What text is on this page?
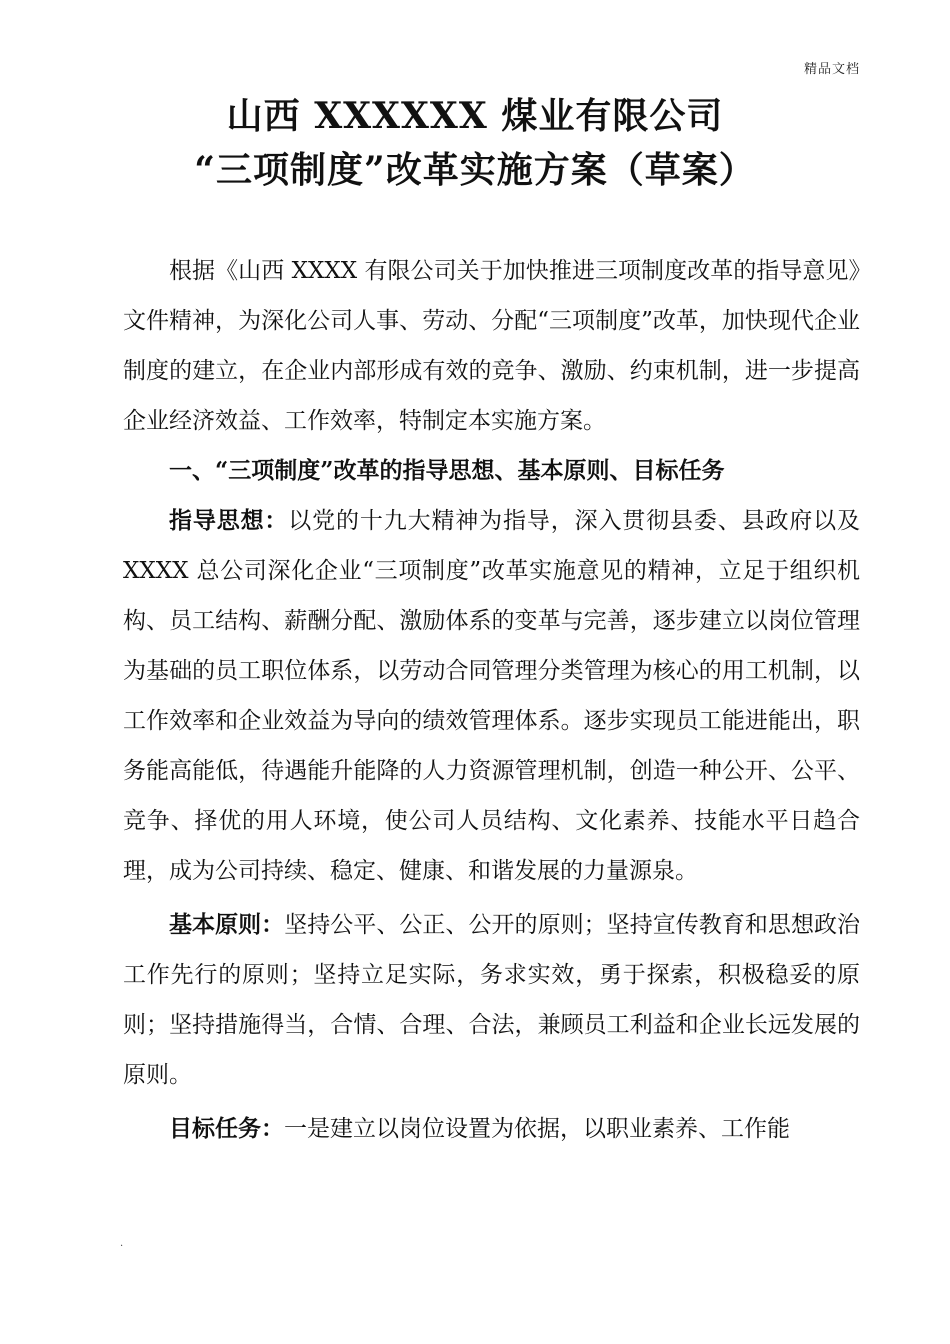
精品文档
山西 XXXXXX 煤业有限公司
“三项制度”改革实施方案（草案）

根据《山西 XXXX 有限公司关于加快推进三项制度改革的指导意见》文件精神，为深化公司人事、劳动、分配“三项制度”改革，加快现代企业制度的建立，在企业内部形成有效的竞争、激励、约束机制，进一步提高企业经济效益、工作效率，特制定本实施方案。

一、“三项制度”改革的指导思想、基本原则、目标任务

指导思想：以党的十九大精神为指导，深入贯彻县委、县政府以及 XXXX 总公司深化企业“三项制度”改革实施意见的精神，立足于组织机构、员工结构、薪酬分配、激励体系的变革与完善，逐步建立以岗位管理为基础的员工职位体系，以劳动合同管理分类管理为核心的用工机制，以工作效率和企业效益为导向的绩效管理体系。逐步实现员工能进能出，职务能高能低，待遇能升能降的人力资源管理机制，创造一种公开、公平、竞争、择优的用人环境，使公司人员结构、文化素养、技能水平日趋合理，成为公司持续、稳定、健康、和谐发展的力量源泉。

基本原则：坚持公平、公正、公开的原则；坚持宣传教育和思想政治工作先行的原则；坚持立足实际，务求实效，勇于探索，积极稳妥的原则；坚持措施得当，合情、合理、合法，兼顾员工利益和企业长远发展的原则。

目标任务：一是建立以岗位设置为依据，以职业素养、工作能

.
